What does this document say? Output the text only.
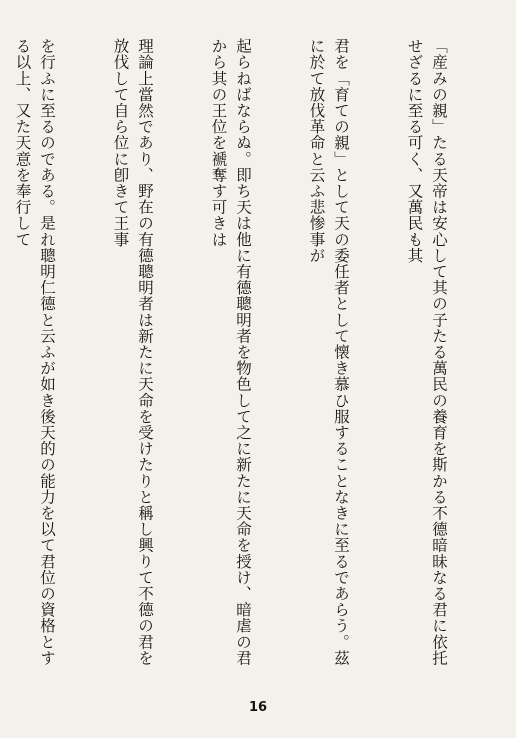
「産みの親」たる天帝は安心して其の子たる萬民の養育を斯かる不德暗昧なる君に依托せざるに至る可く、又萬民も其

君を「育ての親」として天の委任者として懐き慕ひ服することなきに至るであらう。茲に於て放伐革命と云ふ悲惨事が

起らねばならぬ。即ち天は他に有德聰明者を物色して之に新たに天命を授け、暗虐の君から其の王位を褫奪す可きは

理論上當然であり、野在の有德聰明者は新たに天命を受けたりと稱し興りて不德の君を放伐して自ら位に卽きて王事

を行ふに至るのである。是れ聰明仁德と云ふが如き後天的の能力を以て君位の資格とする以上、又た天意を奉行して

16
